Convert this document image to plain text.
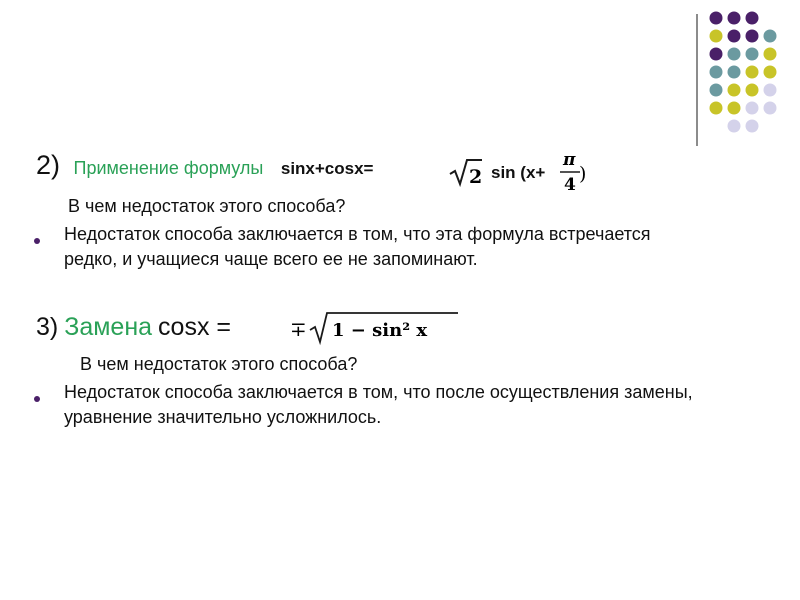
2) Применение формулы sinx+cosx=	2 sin (x+
π
4 )
В чем недостаток этого способа?
Недостаток способа заключается в том, что эта формула встречается редко, и учащиеся чаще всего ее не запоминают.
3) Замена cosx =	∓ 1 − sin² x
В чем недостаток этого способа?
Недостаток способа заключается в том, что после осуществления замены, уравнение значительно усложнилось.
